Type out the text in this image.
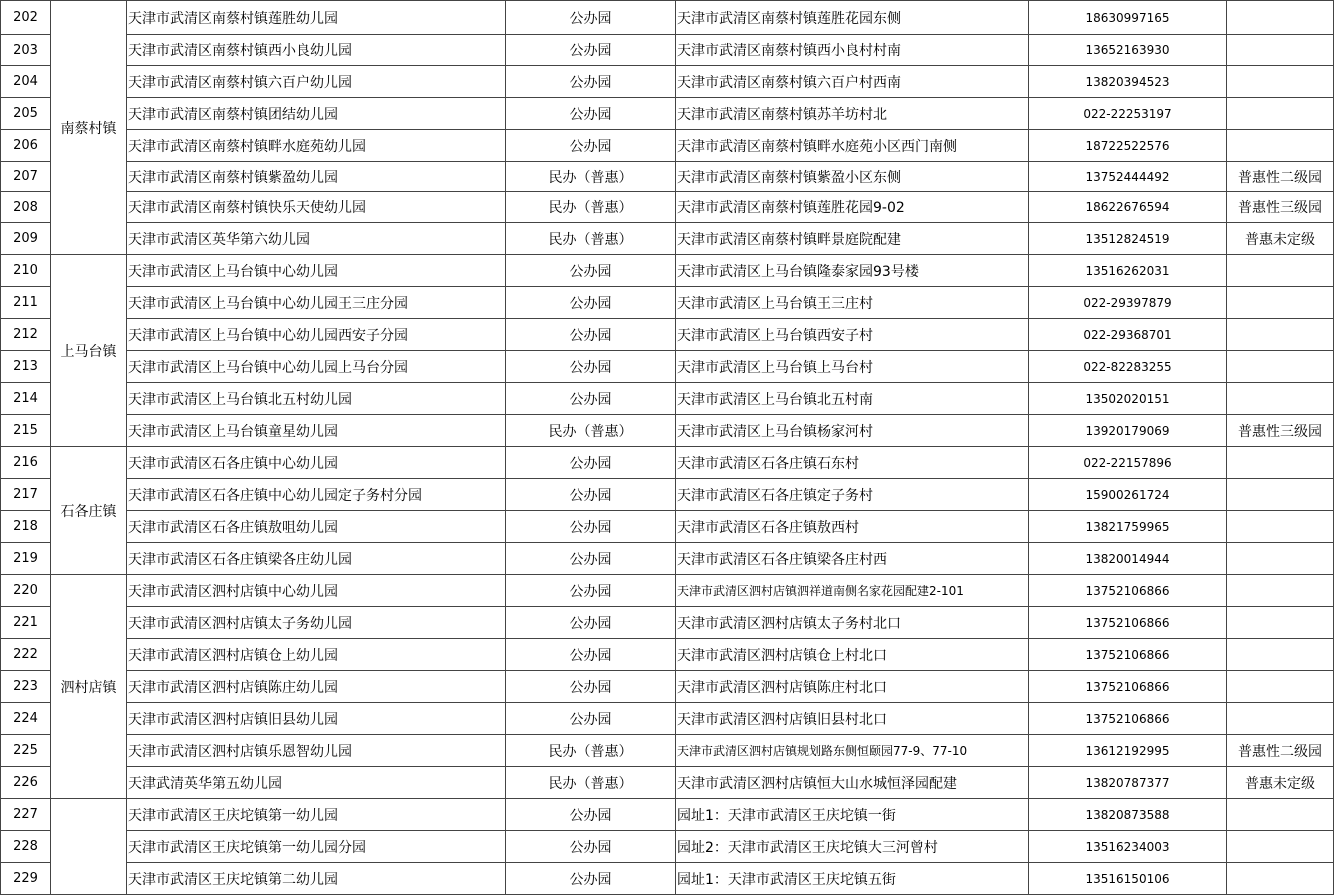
202	南蔡村镇	天津市武清区南蔡村镇莲胜幼儿园	公办园	天津市武清区南蔡村镇莲胜花园东侧	18630997165	
203		天津市武清区南蔡村镇西小良幼儿园	公办园	天津市武清区南蔡村镇西小良村村南	13652163930	
204		天津市武清区南蔡村镇六百户幼儿园	公办园	天津市武清区南蔡村镇六百户村西南	13820394523	
205		天津市武清区南蔡村镇团结幼儿园	公办园	天津市武清区南蔡村镇苏羊坊村北	022-22253197	
206		天津市武清区南蔡村镇畔水庭苑幼儿园	公办园	天津市武清区南蔡村镇畔水庭苑小区西门南侧	18722522576	
207		天津市武清区南蔡村镇紫盈幼儿园	民办（普惠）	天津市武清区南蔡村镇紫盈小区东侧	13752444492	普惠性二级园
208		天津市武清区南蔡村镇快乐天使幼儿园	民办（普惠）	天津市武清区南蔡村镇莲胜花园9-02	18622676594	普惠性三级园
209		天津市武清区英华第六幼儿园	民办（普惠）	天津市武清区南蔡村镇畔景庭院配建	13512824519	普惠未定级
210	上马台镇	天津市武清区上马台镇中心幼儿园	公办园	天津市武清区上马台镇隆泰家园93号楼	13516262031	
211		天津市武清区上马台镇中心幼儿园王三庄分园	公办园	天津市武清区上马台镇王三庄村	022-29397879	
212		天津市武清区上马台镇中心幼儿园西安子分园	公办园	天津市武清区上马台镇西安子村	022-29368701	
213		天津市武清区上马台镇中心幼儿园上马台分园	公办园	天津市武清区上马台镇上马台村	022-82283255	
214		天津市武清区上马台镇北五村幼儿园	公办园	天津市武清区上马台镇北五村南	13502020151	
215		天津市武清区上马台镇童星幼儿园	民办（普惠）	天津市武清区上马台镇杨家河村	13920179069	普惠性三级园
216	石各庄镇	天津市武清区石各庄镇中心幼儿园	公办园	天津市武清区石各庄镇石东村	022-22157896	
217		天津市武清区石各庄镇中心幼儿园定子务村分园	公办园	天津市武清区石各庄镇定子务村	15900261724	
218		天津市武清区石各庄镇敖咀幼儿园	公办园	天津市武清区石各庄镇敖西村	13821759965	
219		天津市武清区石各庄镇梁各庄幼儿园	公办园	天津市武清区石各庄镇梁各庄村西	13820014944	
220	泗村店镇	天津市武清区泗村店镇中心幼儿园	公办园	天津市武清区泗村店镇泗祥道南侧名家花园配建2-101	13752106866	
221		天津市武清区泗村店镇太子务幼儿园	公办园	天津市武清区泗村店镇太子务村北口	13752106866	
222		天津市武清区泗村店镇仓上幼儿园	公办园	天津市武清区泗村店镇仓上村北口	13752106866	
223		天津市武清区泗村店镇陈庄幼儿园	公办园	天津市武清区泗村店镇陈庄村北口	13752106866	
224		天津市武清区泗村店镇旧县幼儿园	公办园	天津市武清区泗村店镇旧县村北口	13752106866	
225		天津市武清区泗村店镇乐恩智幼儿园	民办（普惠）	天津市武清区泗村店镇规划路东侧恒颐园77-9、77-10	13612192995	普惠性二级园
226		天津武清英华第五幼儿园	民办（普惠）	天津市武清区泗村店镇恒大山水城恒泽园配建	13820787377	普惠未定级
227		天津市武清区王庆坨镇第一幼儿园	公办园	园址1：天津市武清区王庆坨镇一街	13820873588	
228		天津市武清区王庆坨镇第一幼儿园分园	公办园	园址2：天津市武清区王庆坨镇大三河曾村	13516234003	
229		天津市武清区王庆坨镇第二幼儿园	公办园	园址1：天津市武清区王庆坨镇五街	13516150106	
